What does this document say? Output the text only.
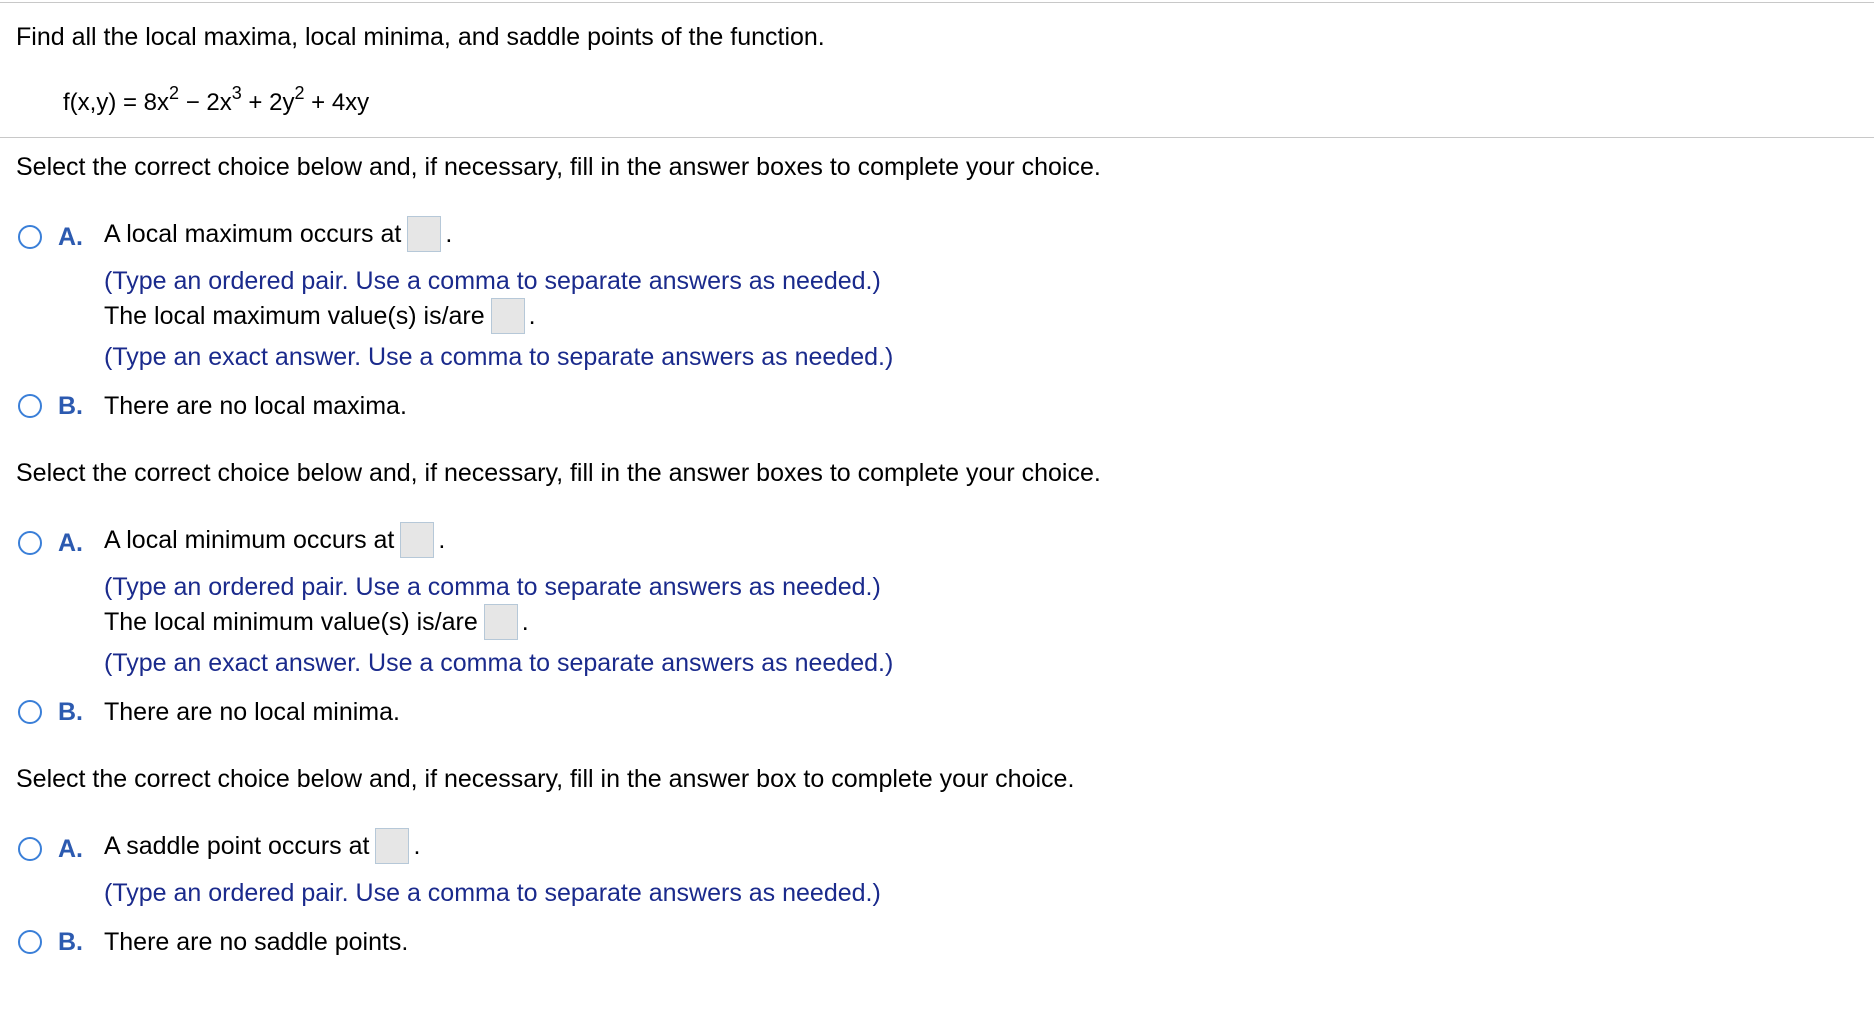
Find all the local maxima, local minima, and saddle points of the function.
$f(x,y) = 8x^2 - 2x^3 + 2y^2 + 4xy$
Select the correct choice below and, if necessary, fill in the answer boxes to complete your choice.
A. A local maximum occurs at .
(Type an ordered pair. Use a comma to separate answers as needed.)
The local maximum value(s) is/are .
(Type an exact answer. Use a comma to separate answers as needed.)
B. There are no local maxima.
Select the correct choice below and, if necessary, fill in the answer boxes to complete your choice.
A. A local minimum occurs at .
(Type an ordered pair. Use a comma to separate answers as needed.)
The local minimum value(s) is/are .
(Type an exact answer. Use a comma to separate answers as needed.)
B. There are no local minima.
Select the correct choice below and, if necessary, fill in the answer box to complete your choice.
A. A saddle point occurs at .
(Type an ordered pair. Use a comma to separate answers as needed.)
B. There are no saddle points.
